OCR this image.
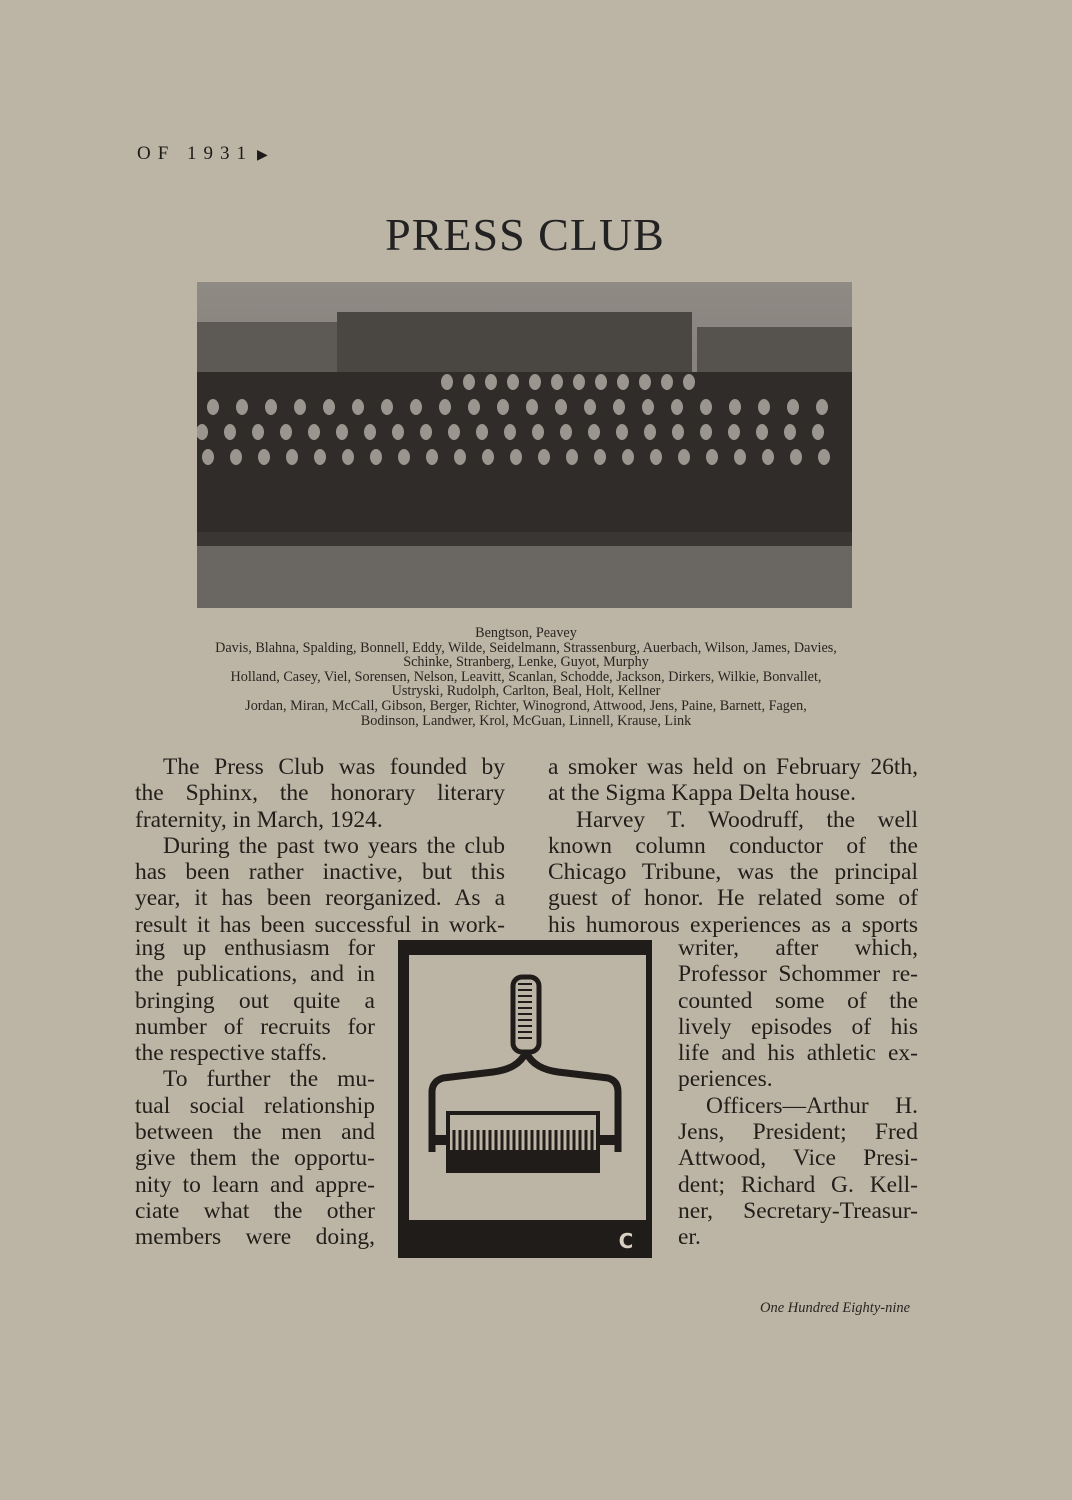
OF 1931 ▶
PRESS CLUB
Bengtson, Peavey
Davis, Blahna, Spalding, Bonnell, Eddy, Wilde, Seidelmann, Strassenburg, Auerbach, Wilson, James, Davies,
Schinke, Stranberg, Lenke, Guyot, Murphy
Holland, Casey, Viel, Sorensen, Nelson, Leavitt, Scanlan, Schodde, Jackson, Dirkers, Wilkie, Bonvallet,
Ustryski, Rudolph, Carlton, Beal, Holt, Kellner
Jordan, Miran, McCall, Gibson, Berger, Richter, Winogrond, Attwood, Jens, Paine, Barnett, Fagen,
Bodinson, Landwer, Krol, McGuan, Linnell, Krause, Link
The Press Club was founded by
the Sphinx, the honorary literary
fraternity, in March, 1924.
During the past two years the club
has been rather inactive, but this
year, it has been reorganized. As a
result it has been successful in work-
ing up enthusiasm for
the publications, and in
bringing out quite a
number of recruits for
the respective staffs.
To further the mu-
tual social relationship
between the men and
give them the opportu-
nity to learn and appre-
ciate what the other
members were doing,
a smoker was held on February 26th,
at the Sigma Kappa Delta house.
Harvey T. Woodruff, the well
known column conductor of the
Chicago Tribune, was the principal
guest of honor. He related some of
his humorous experiences as a sports
writer, after which,
Professor Schommer re-
counted some of the
lively episodes of his
life and his athletic ex-
periences.
Officers—Arthur H.
Jens, President; Fred
Attwood, Vice Presi-
dent; Richard G. Kell-
ner, Secretary-Treasur-
er.
C
One Hundred Eighty-nine
